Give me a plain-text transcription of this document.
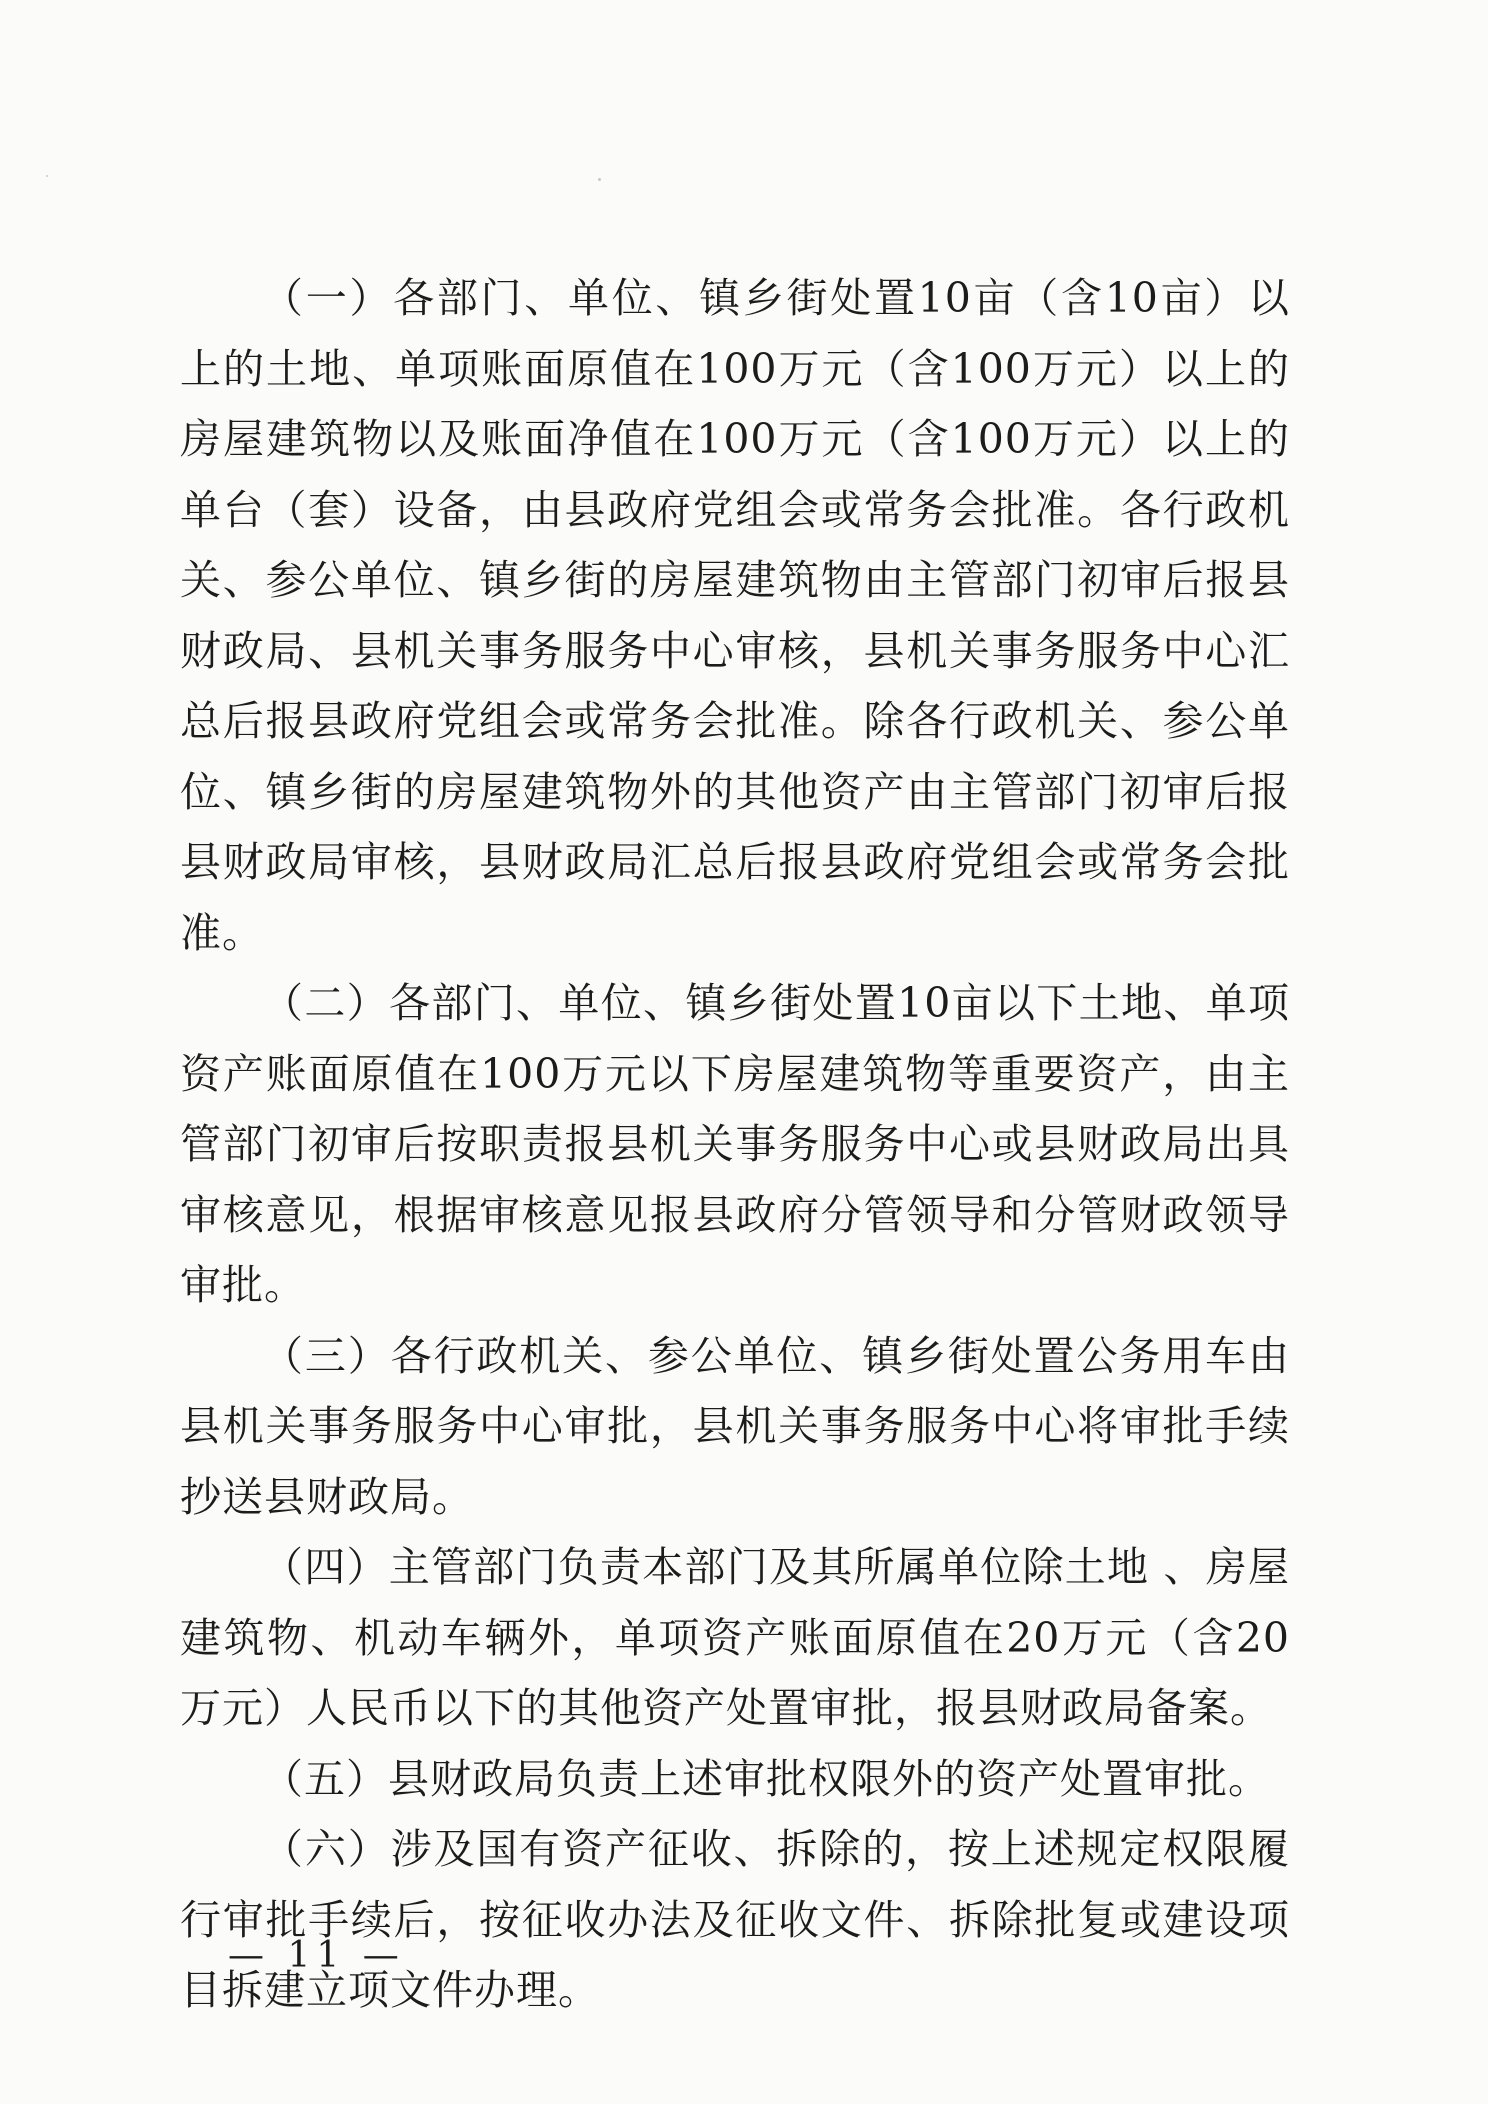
（一）各部门、单位、镇乡街处置10亩（含10亩）以上的土地、单项账面原值在100万元（含100万元）以上的房屋建筑物以及账面净值在100万元（含100万元）以上的单台（套）设备，由县政府党组会或常务会批准。各行政机关、参公单位、镇乡街的房屋建筑物由主管部门初审后报县财政局、县机关事务服务中心审核，县机关事务服务中心汇总后报县政府党组会或常务会批准。除各行政机关、参公单位、镇乡街的房屋建筑物外的其他资产由主管部门初审后报县财政局审核，县财政局汇总后报县政府党组会或常务会批准。

（二）各部门、单位、镇乡街处置10亩以下土地、单项资产账面原值在100万元以下房屋建筑物等重要资产，由主管部门初审后按职责报县机关事务服务中心或县财政局出具审核意见，根据审核意见报县政府分管领导和分管财政领导审批。

（三）各行政机关、参公单位、镇乡街处置公务用车由县机关事务服务中心审批，县机关事务服务中心将审批手续抄送县财政局。

（四）主管部门负责本部门及其所属单位除土地 、房屋建筑物、机动车辆外，单项资产账面原值在20万元（含20万元）人民币以下的其他资产处置审批，报县财政局备案。

（五）县财政局负责上述审批权限外的资产处置审批。

（六）涉及国有资产征收、拆除的，按上述规定权限履行审批手续后，按征收办法及征收文件、拆除批复或建设项目拆建立项文件办理。

— 11 —
